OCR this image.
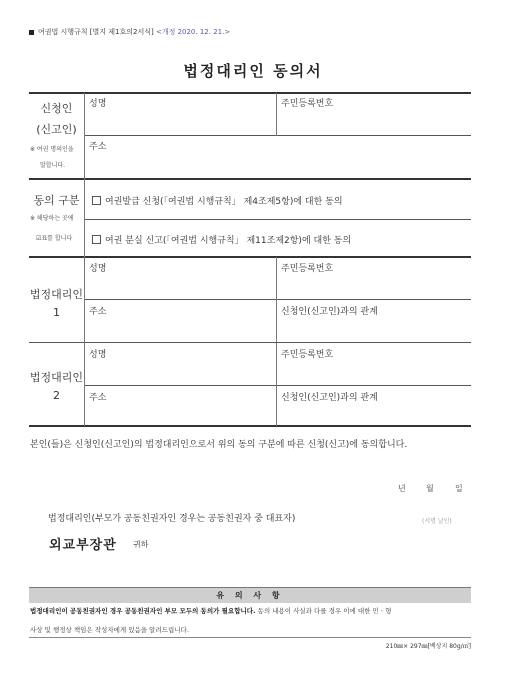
여권법 시행규칙 [별지 제1호의2서식] <개정 2020. 12. 21.>
법정대리인 동의서
신청인
(신고인)
※ 여권 명의인을
말합니다.
성명	주민등록번호
주소
동의 구분
※ 해당하는 곳에
☑표를 합니다
여권발급 신청(「여권법 시행규칙」 제4조제5항)에 대한 동의
여권 분실 신고(「여권법 시행규칙」 제11조제2항)에 대한 동의
법정대리인
1
성명	주민등록번호
주소	신청인(신고인)과의 관계
법정대리인
2
성명	주민등록번호
주소	신청인(신고인)과의 관계
본인(들)은 신청인(신고인)의 법정대리인으로서 위의 동의 구분에 따른 신청(신고)에 동의합니다.
년	월	일
법정대리인(부모가 공동친권자인 경우는 공동친권자 중 대표자)	(서명 날인)
외교부장관 귀하
유 의 사 항
법정대리인이 공동친권자인 경우 공동친권자인 부모 모두의 동의가 필요합니다. 동의 내용이 사실과 다를 경우 이에 대한 민ㆍ형
사상 및 행정상 책임은 작성자에게 있음을 알려드립니다.
210㎜× 297㎜[백상지 80g/㎡]
